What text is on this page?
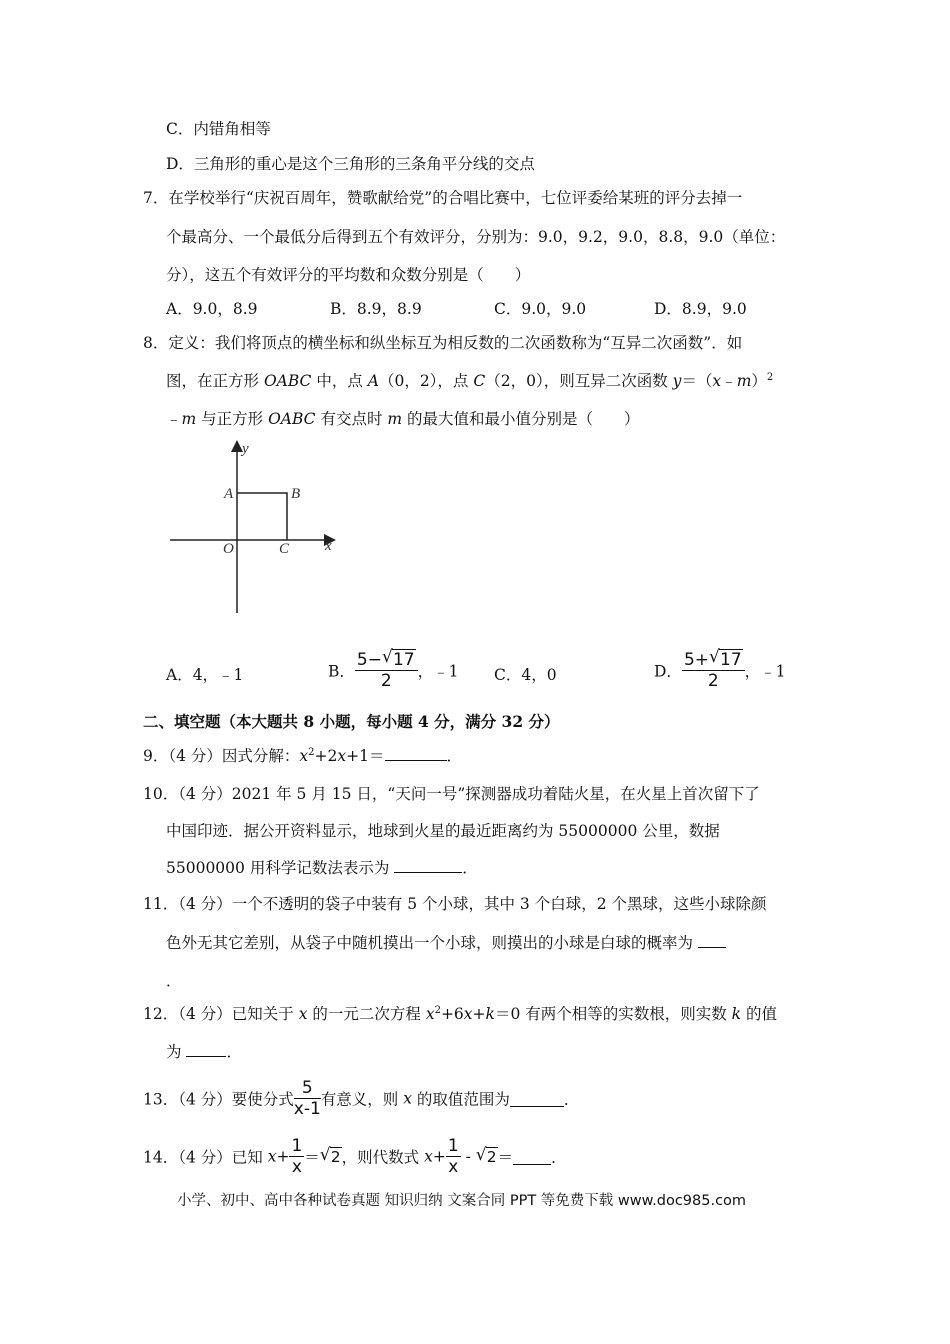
C．内错角相等
D．三角形的重心是这个三角形的三条角平分线的交点
7．在学校举行“庆祝百周年，赞歌献给党”的合唱比赛中，七位评委给某班的评分去掉一
个最高分、一个最低分后得到五个有效评分，分别为：9.0，9.2，9.0，8.8，9.0（单位：
分），这五个有效评分的平均数和众数分别是（　　）
A．9.0，8.9	B．8.9，8.9	C．9.0，9.0	D．8.9，9.0
8．定义：我们将顶点的横坐标和纵坐标互为相反数的二次函数称为“互异二次函数”．如
图，在正方形 OABC 中，点 A（0，2），点 C（2，0），则互异二次函数 y＝（x﹣m）$^2$
﹣m 与正方形 OABC 有交点时 m 的最大值和最小值分别是（　　）
y
x
A	B
O	C
A．4，﹣1	B． $\frac{5- √ 17}{2}$ ，﹣1 C．4，0	D． $\frac{5+ √ 17}{2}$ ，﹣1
二、填空题（本大题共 8 小题，每小题 4 分，满分 32 分）
9．（4 分）因式分解：$x^2+2x+1=$	．
10．（4 分）2021 年 5 月 15 日，“天问一号”探测器成功着陆火星，在火星上首次留下了
中国印迹．据公开资料显示，地球到火星的最近距离约为 55000000 公里，数据
55000000 用科学记数法表示为	．
11．（4 分）一个不透明的袋子中装有 5 个小球，其中 3 个白球，2 个黑球，这些小球除颜
色外无其它差别，从袋子中随机摸出一个小球，则摸出的小球是白球的概率为
．
12．（4 分）已知关于 x 的一元二次方程 $x^2+6x+k=0$ 有两个相等的实数根，则实数 k 的值
为	．
13．（4 分）要使分式 $\frac{5}{x-1}$ 有意义，则 x 的取值范围为	．
14．（4 分）已知 $x+ \frac{1}{x}$ ＝ √ 2，则代数式 $x+ \frac{1}{x}$ - √ 2＝ ．
小学、初中、高中各种试卷真题 知识归纳 文案合同 PPT 等免费下载 www.doc985.com
